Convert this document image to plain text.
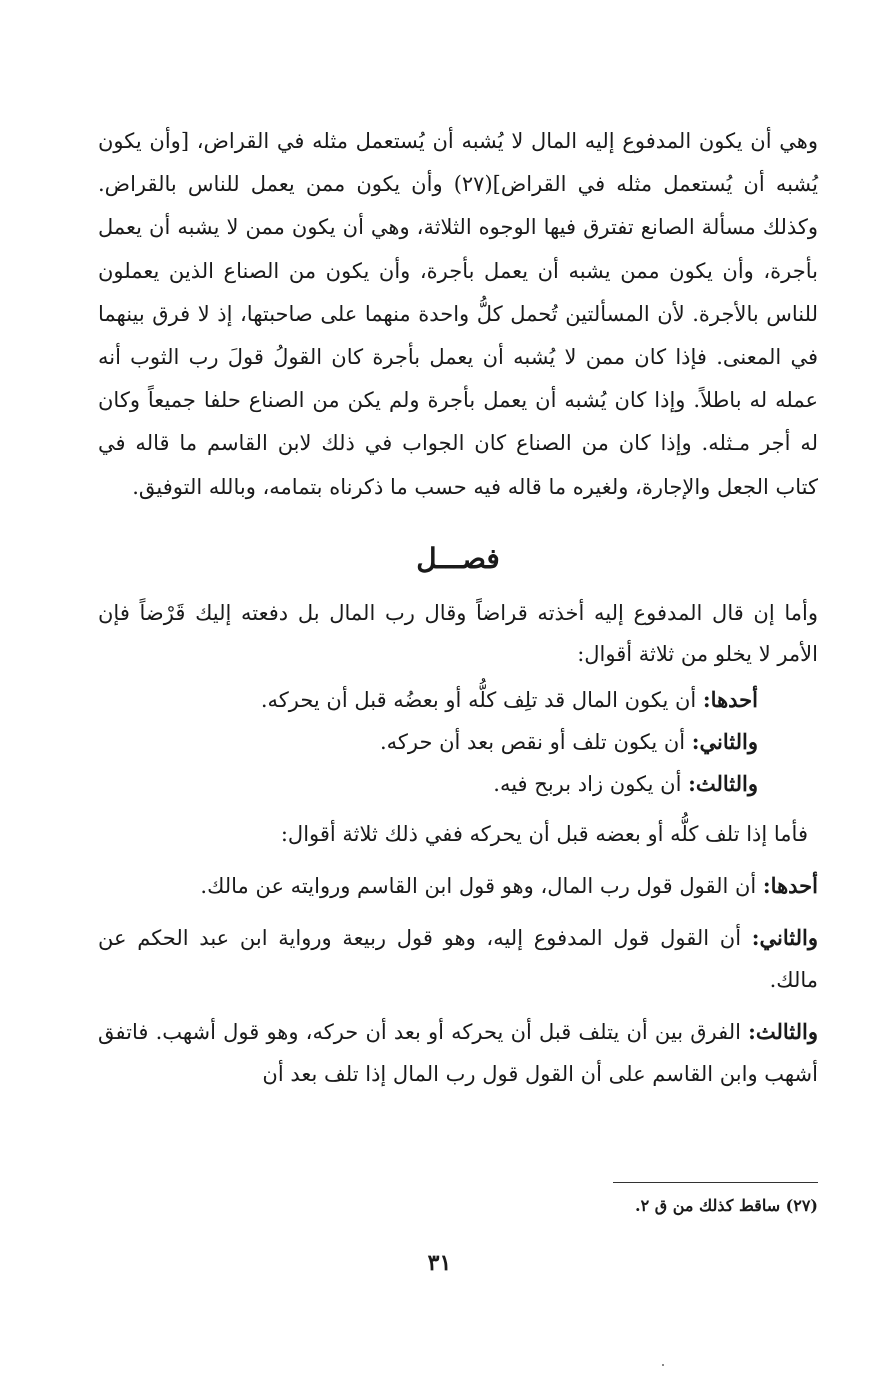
وهي أن يكون المدفوع إليه المال لا يُشبه أن يُستعمل مثله في القراض، [وأن يكون يُشبه أن يُستعمل مثله في القراض](٢٧) وأن يكون ممن يعمل للناس بالقراض. وكذلك مسألة الصانع تفترق فيها الوجوه الثلاثة، وهي أن يكون ممن لا يشبه أن يعمل بأجرة، وأن يكون ممن يشبه أن يعمل بأجرة، وأن يكون من الصناع الذين يعملون للناس بالأجرة. لأن المسألتين تُحمل كلُّ واحدة منهما على صاحبتها، إذ لا فرق بينهما في المعنى. فإذا كان ممن لا يُشبه أن يعمل بأجرة كان القولُ قولَ رب الثوب أنه عمله له باطلاً. وإذا كان يُشبه أن يعمل بأجرة ولم يكن من الصناع حلفا جميعاً وكان له أجر مـثله. وإذا كان من الصناع كان الجواب في ذلك لابن القاسم ما قاله في كتاب الجعل والإجارة، ولغيره ما قاله فيه حسب ما ذكرناه بتمامه، وبالله التوفيق.

فصـــل

وأما إن قال المدفوع إليه أخذته قراضاً وقال رب المال بل دفعته إليك قَرْضاً فإن الأمر لا يخلو من ثلاثة أقوال:

أحدها: أن يكون المال قد تلِف كلُّه أو بعضُه قبل أن يحركه.
والثاني: أن يكون تلف أو نقص بعد أن حركه.
والثالث: أن يكون زاد بربح فيه.

فأما إذا تلف كلُّه أو بعضه قبل أن يحركه ففي ذلك ثلاثة أقوال:

أحدها: أن القول قول رب المال، وهو قول ابن القاسم وروايته عن مالك.

والثاني: أن القول قول المدفوع إليه، وهو قول ربيعة ورواية ابن عبد الحكم عن مالك.

والثالث: الفرق بين أن يتلف قبل أن يحركه أو بعد أن حركه، وهو قول أشهب. فاتفق أشهب وابن القاسم على أن القول قول رب المال إذا تلف بعد أن

(٢٧) ساقط كذلك من ق ٢.

٣١
